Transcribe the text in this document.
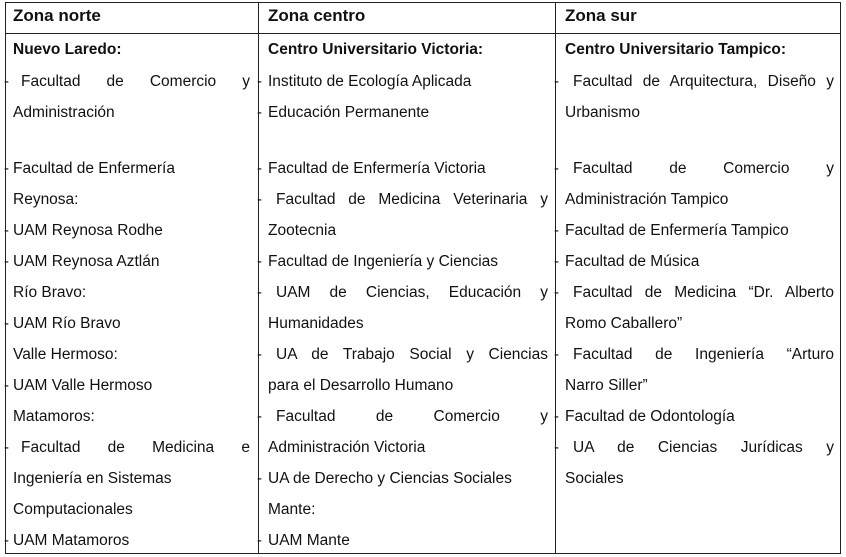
Zona norte	Zona centro	Zona sur
Nuevo Laredo:
- Facultad de Comercio y
Administración
- Facultad de Enfermería
Reynosa:
- UAM Reynosa Rodhe
- UAM Reynosa Aztlán
Río Bravo:
- UAM Río Bravo
Valle Hermoso:
- UAM Valle Hermoso
Matamoros:
- Facultad de Medicina e
Ingeniería en Sistemas
Computacionales
- UAM Matamoros
Centro Universitario Victoria:
- Instituto de Ecología Aplicada
- Educación Permanente
- Facultad de Enfermería Victoria
- Facultad de Medicina Veterinaria y
Zootecnia
- Facultad de Ingeniería y Ciencias
- UAM de Ciencias, Educación y
Humanidades
- UA de Trabajo Social y Ciencias
para el Desarrollo Humano
- Facultad de Comercio y
Administración Victoria
- UA de Derecho y Ciencias Sociales
Mante:
- UAM Mante
Centro Universitario Tampico:
- Facultad de Arquitectura, Diseño y
Urbanismo
- Facultad de Comercio y
Administración Tampico
- Facultad de Enfermería Tampico
- Facultad de Música
- Facultad de Medicina “Dr. Alberto
Romo Caballero”
- Facultad de Ingeniería “Arturo
Narro Siller”
- Facultad de Odontología
- UA de Ciencias Jurídicas y
Sociales
